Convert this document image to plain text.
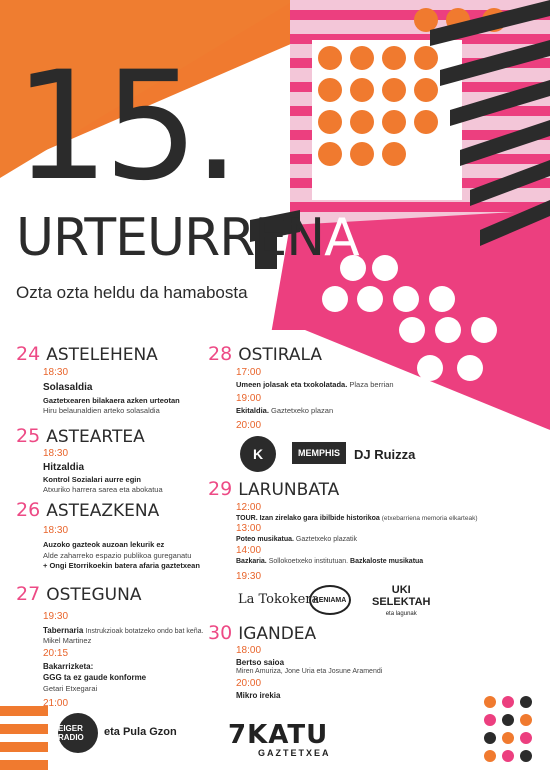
15.
URTEURRENA
Ozta ozta heldu da hamabosta
24 ASTELEHENA
18:30
Solasaldia
Gaztetxearen bilakaera azken urteotan
Hiru belaunaldien arteko solasaldia
25 ASTEARTEA
18:30
Hitzaldia
Kontrol Sozialari aurre egin
Atxuriko harrera sarea eta abokatua
26 ASTEAZKENA
18:30
Auzoko gazteok auzoan lekurik ez
Alde zaharreko espazio publikoa gureganatu
+ Ongi Etorrikoekin batera afaria gaztetxean
27 OSTEGUNA
19:30
Tabernaria Instrukzioak botatzeko ondo bat keña.
Mikel Martinez
20:15
Bakarrizketa:
GGG ta ez gaude konforme
Getari Etxegarai
21:00
EIGER RADIO	eta Pula Gzon
28 OSTIRALA
17:00
Umeen jolasak eta txokolatada. Plaza berrian
19:00
Ekitaldia. Gaztetxeko plazan
20:00
K	MEMPHIS	DJ Ruizza
29 LARUNBATA
12:00
TOUR. Izan zirelako gara ibilbide historikoa (etxebarriena memoria elkarteak)
13:00
Poteo musikatua. Gaztetxeko plazatik
14:00
Bazkaria. Sollokoetxeko institutuan. Bazkaloste musikatua
19:30
La Tokokera
KENIAMA
UKI
SELEKTAH
eta lagunak
30 IGANDEA
18:00
Bertso saioa
Miren Amuriza, Jone Uria eta Josune Aramendi
20:00
Mikro irekia
7KATU
GAZTETXEA
